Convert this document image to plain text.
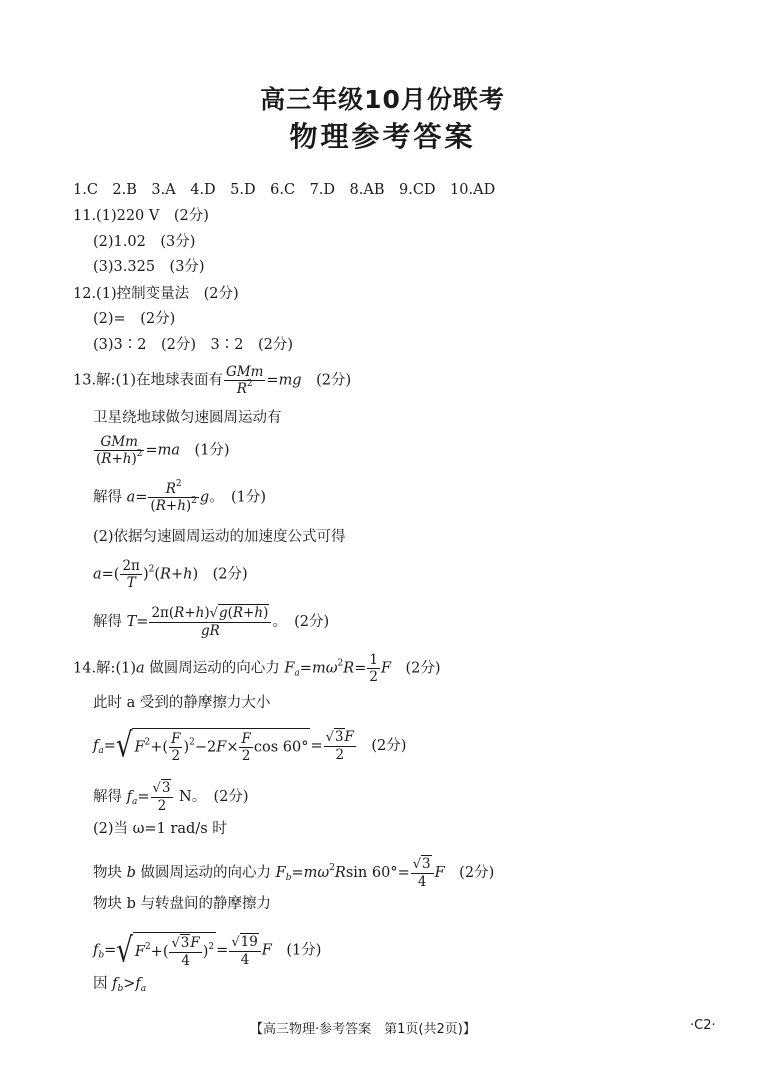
高三年级10月份联考
物理参考答案
1.C　2.B　3.A　4.D　5.D　6.C　7.D　8.AB　9.CD　10.AD
11.(1)220 V　(2分)
(2)1.02　(3分)
(3)3.325　(3分)
12.(1)控制变量法　(2分)
(2)=　(2分)
(3)3∶2　(2分)　3∶2　(2分)
13.解:(1)在地球表面有
GMm
$R^2 =mg$　(2分)
卫星绕地球做匀速圆周运动有
GMm
$(R+h)^2 =ma$　(1分)
解得 $a= \frac{R^2}{(R+h)^2}$ g。　(1分)
(2)依据匀速圆周运动的加速度公式可得
$a=( \frac{2\pi}{T} )^2(R+h)$　(2分)
解得 $T= \frac{2\pi(R+h)√g(R+h)}{gR}$ 。　(2分)
14.解:(1)a 做圆周运动的向心力 $F_a=m\omega^2R= \frac{1}{2}$ F　(2分)
此时 a 受到的静摩擦力大小
$f_a=√$ $F^2+( \frac{F}{2} )^2-2F\times \frac{F}{2}$ $\cos 60^\circ = \frac{√3F}{2}$ 　(2分)
解得 $f_a= \frac{√3}{2}$ N。　(2分)
(2)当 ω=1 rad/s 时
物块 b 做圆周运动的向心力 $F_b=m\omega^2Rsin$ $60^\circ= \frac{√3}{4}$ F　(2分)
物块 b 与转盘间的静摩擦力
$f_b=√$ $F^2+( \frac{√3F}{4} )^2 = \frac{√19}{4}$ F　(1分)
因 $f_b>f_a$
【高三物理·参考答案　第1页(共2页)】	·C2·
